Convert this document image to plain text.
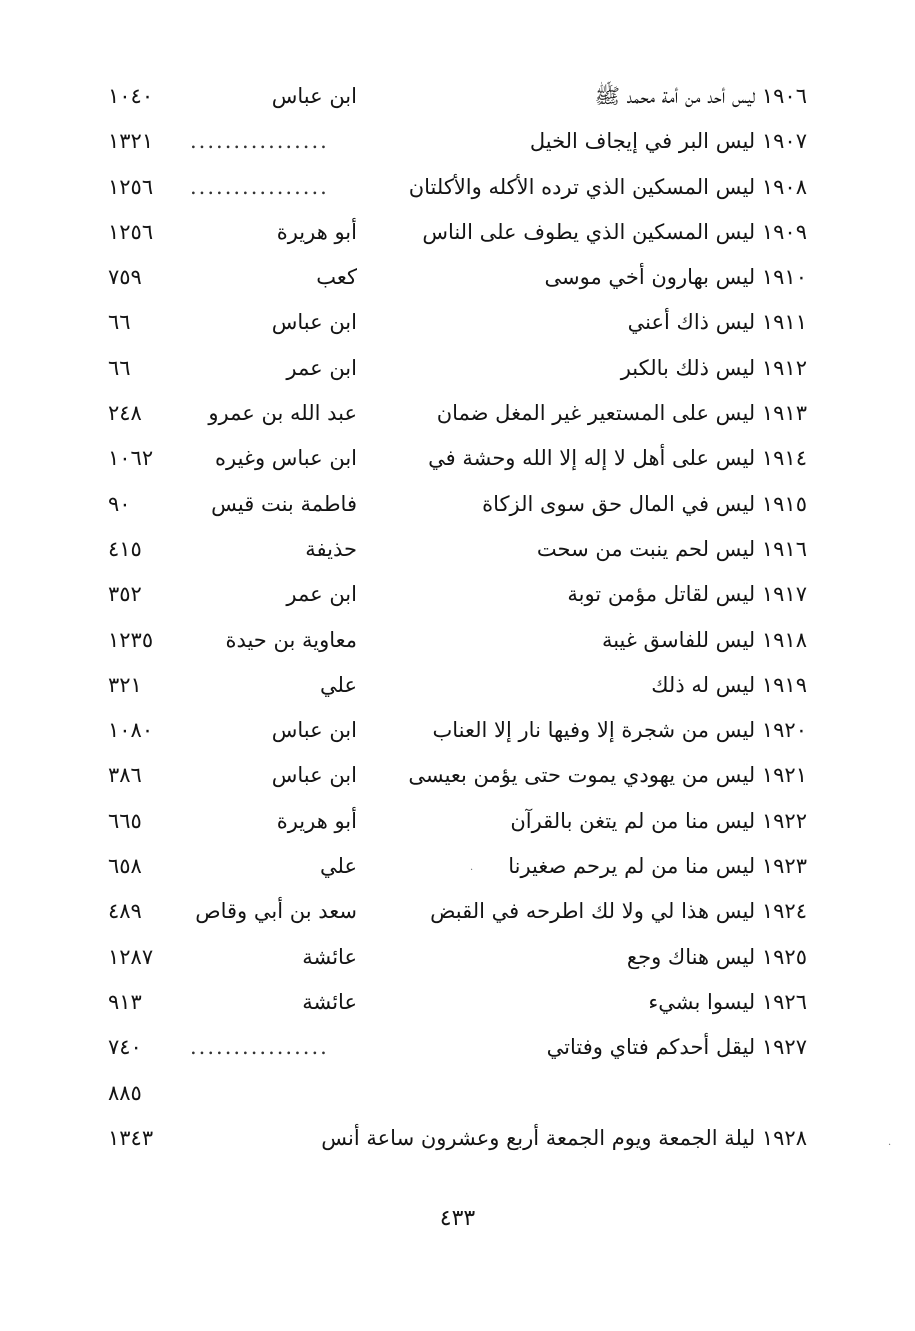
١٩٠٦ ليس أحد من أمة محمد ﷺ
ابن عباس
١٠٤٠
١٩٠٧ ليس البر في إيجاف الخيل
................
١٣٢١
١٩٠٨ ليس المسكين الذي ترده الأكله والأكلتان
................
١٢٥٦
١٩٠٩ ليس المسكين الذي يطوف على الناس
أبو هريرة
١٢٥٦
١٩١٠ ليس بهارون أخي موسى
كعب
٧٥٩
١٩١١ ليس ذاك أعني
ابن عباس
٦٦
١٩١٢ ليس ذلك بالكبر
ابن عمر
٦٦
١٩١٣ ليس على المستعير غير المغل ضمان
عبد الله بن عمرو
٢٤٨
١٩١٤ ليس على أهل لا إله إلا الله وحشة في
ابن عباس وغيره
١٠٦٢
١٩١٥ ليس في المال حق سوى الزكاة
فاطمة بنت قيس
٩٠
١٩١٦ ليس لحم ينبت من سحت
حذيفة
٤١٥
١٩١٧ ليس لقاتل مؤمن توبة
ابن عمر
٣٥٢
١٩١٨ ليس للفاسق غيبة
معاوية بن حيدة
١٢٣٥
١٩١٩ ليس له ذلك
علي
٣٢١
١٩٢٠ ليس من شجرة إلا وفيها نار إلا العناب
ابن عباس
١٠٨٠
١٩٢١ ليس من يهودي يموت حتى يؤمن بعيسى
ابن عباس
٣٨٦
١٩٢٢ ليس منا من لم يتغن بالقرآن
أبو هريرة
٦٦٥
١٩٢٣ ليس منا من لم يرحم صغيرنا
علي
٦٥٨
١٩٢٤ ليس هذا لي ولا لك اطرحه في القبض
سعد بن أبي وقاص
٤٨٩
١٩٢٥ ليس هناك وجع
عائشة
١٢٨٧
١٩٢٦ ليسوا بشيء
عائشة
٩١٣
١٩٢٧ ليقل أحدكم فتاي وفتاتي
................
٧٤٠
٨٨٥
١٩٢٨ ليلة الجمعة ويوم الجمعة أربع وعشرون ساعة أنس
١٣٤٣
٤٣٣
·
·
